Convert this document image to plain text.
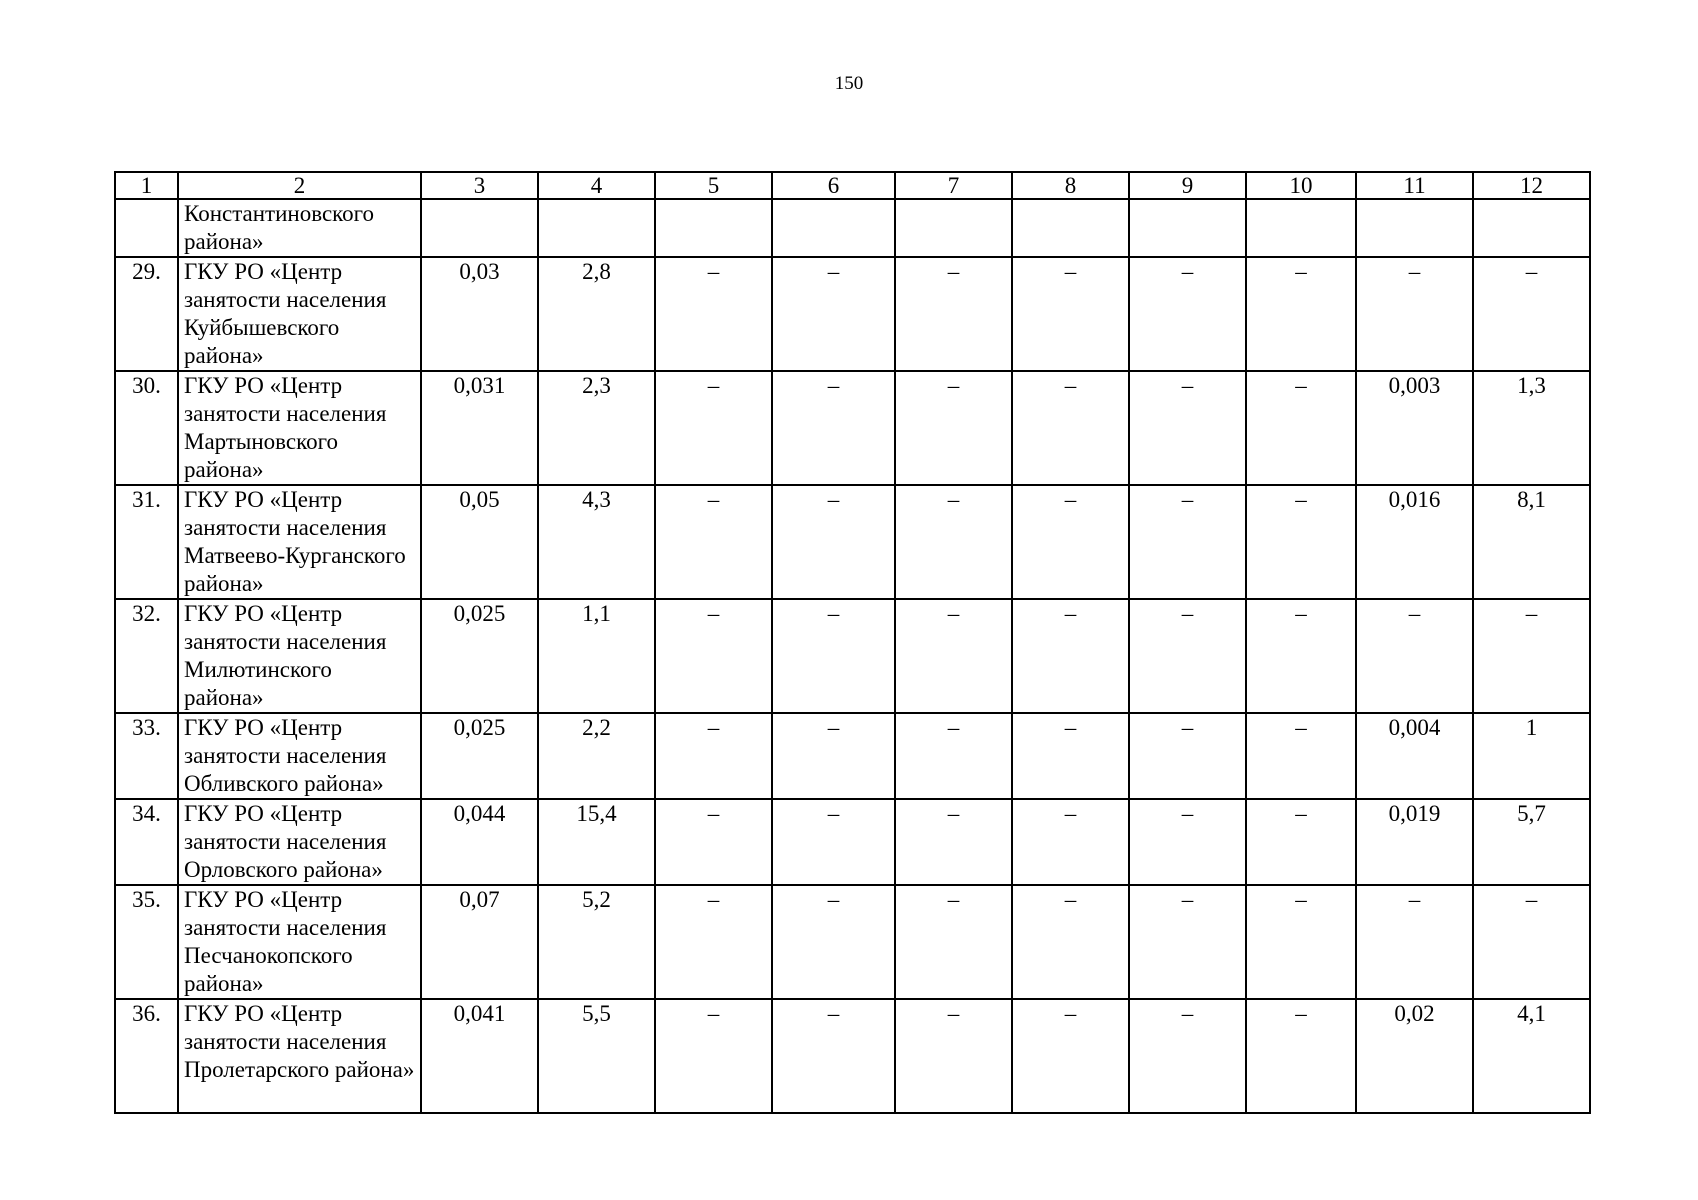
150
1	2	3	4	5	6	7	8	9	10	11	12
	Константиновского района»										
29.	ГКУ РО «Центр занятости населения Куйбышевского района»	0,03	2,8	–	–	–	–	–	–	–	–
30.	ГКУ РО «Центр занятости населения Мартыновского района»	0,031	2,3	–	–	–	–	–	–	0,003	1,3
31.	ГКУ РО «Центр занятости населения Матвеево-Курганского района»	0,05	4,3	–	–	–	–	–	–	0,016	8,1
32.	ГКУ РО «Центр занятости населения Милютинского района»	0,025	1,1	–	–	–	–	–	–	–	–
33.	ГКУ РО «Центр занятости населения Обливского района»	0,025	2,2	–	–	–	–	–	–	0,004	1
34.	ГКУ РО «Центр занятости населения Орловского района»	0,044	15,4	–	–	–	–	–	–	0,019	5,7
35.	ГКУ РО «Центр занятости населения Песчанокопского района»	0,07	5,2	–	–	–	–	–	–	–	–
36.	ГКУ РО «Центр занятости населения Пролетарского района»	0,041	5,5	–	–	–	–	–	–	0,02	4,1
